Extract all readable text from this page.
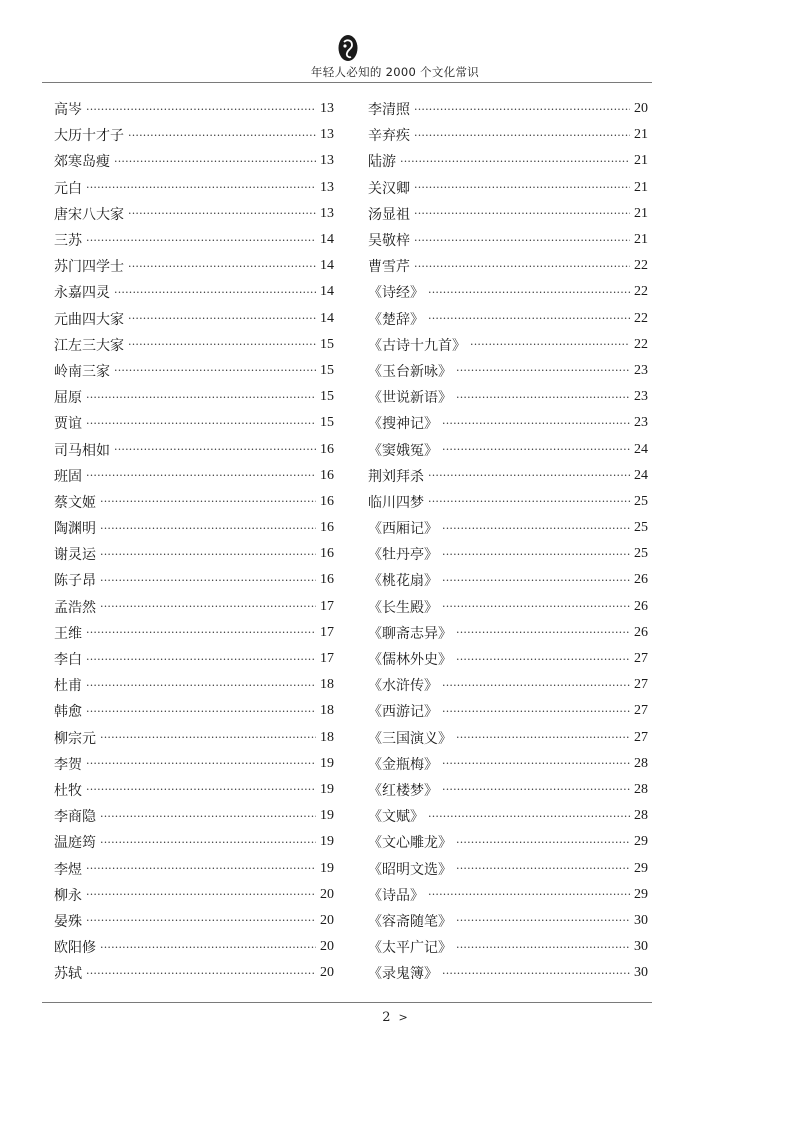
年轻人必知的 2000 个文化常识
高岑 ·····	13
大历十才子 ·····	13
郊寒岛瘦 ·····	13
元白 ·····	13
唐宋八大家 ·····	13
三苏 ·····	14
苏门四学士 ·····	14
永嘉四灵 ·····	14
元曲四大家 ·····	14
江左三大家 ·····	15
岭南三家 ·····	15
屈原 ·····	15
贾谊 ·····	15
司马相如 ·····	16
班固 ·····	16
蔡文姬 ·····	16
陶渊明 ·····	16
谢灵运 ·····	16
陈子昂 ·····	16
孟浩然 ·····	17
王维 ·····	17
李白 ·····	17
杜甫 ·····	18
韩愈 ·····	18
柳宗元 ·····	18
李贺 ·····	19
杜牧 ·····	19
李商隐 ·····	19
温庭筠 ·····	19
李煜 ·····	19
柳永 ·····	20
晏殊 ·····	20
欧阳修 ·····	20
苏轼 ·····	20
李清照 ·····	20
辛弃疾 ·····	21
陆游 ·····	21
关汉卿 ·····	21
汤显祖 ·····	21
吴敬梓 ·····	21
曹雪芹 ·····	22
《诗经》 ·····	22
《楚辞》 ·····	22
《古诗十九首》 ·····	22
《玉台新咏》 ·····	23
《世说新语》 ·····	23
《搜神记》 ·····	23
《窦娥冤》 ·····	24
荆刘拜杀 ·····	24
临川四梦 ·····	25
《西厢记》 ·····	25
《牡丹亭》 ·····	25
《桃花扇》 ·····	26
《长生殿》 ·····	26
《聊斋志异》 ·····	26
《儒林外史》 ·····	27
《水浒传》 ·····	27
《西游记》 ·····	27
《三国演义》 ·····	27
《金瓶梅》 ·····	28
《红楼梦》 ·····	28
《文赋》 ·····	28
《文心雕龙》 ·····	29
《昭明文选》 ·····	29
《诗品》 ·····	29
《容斋随笔》 ·····	30
《太平广记》 ·····	30
《录鬼簿》 ·····	30
2 >
